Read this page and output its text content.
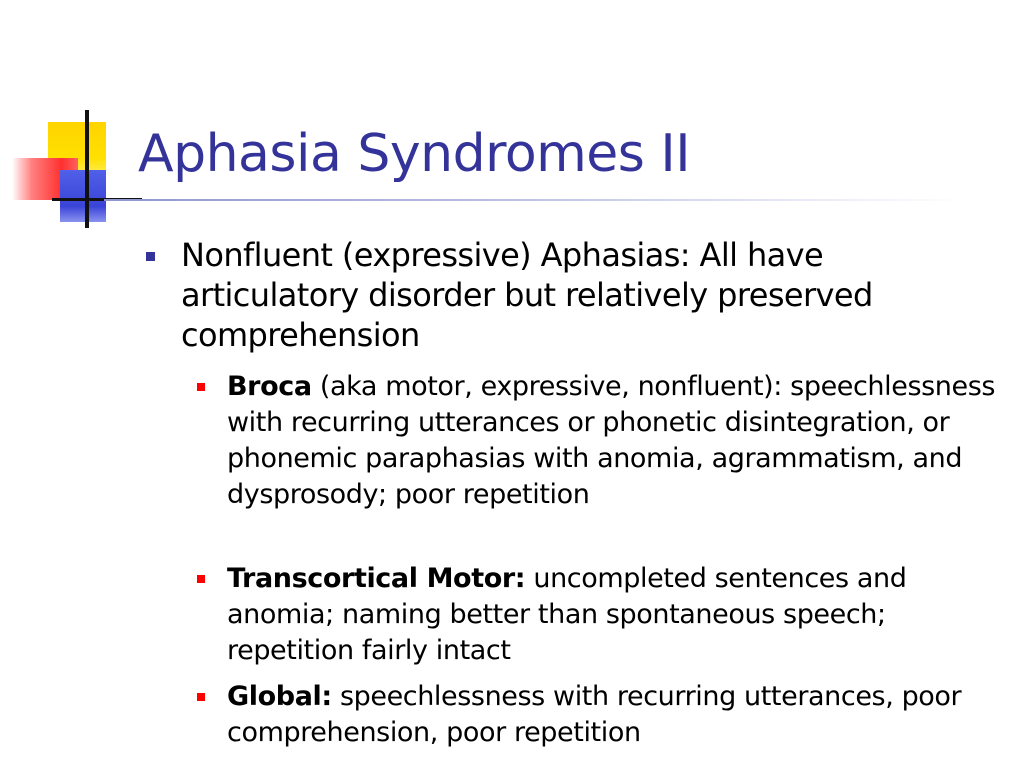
Aphasia Syndromes II
Nonfluent (expressive) Aphasias: All have articulatory disorder but relatively preserved comprehension
Broca (aka motor, expressive, nonfluent): speechlessness with recurring utterances or phonetic disintegration, or phonemic paraphasias with anomia, agrammatism, and dysprosody; poor repetition
Transcortical Motor: uncompleted sentences and anomia; naming better than spontaneous speech; repetition fairly intact
Global: speechlessness with recurring utterances, poor comprehension, poor repetition
